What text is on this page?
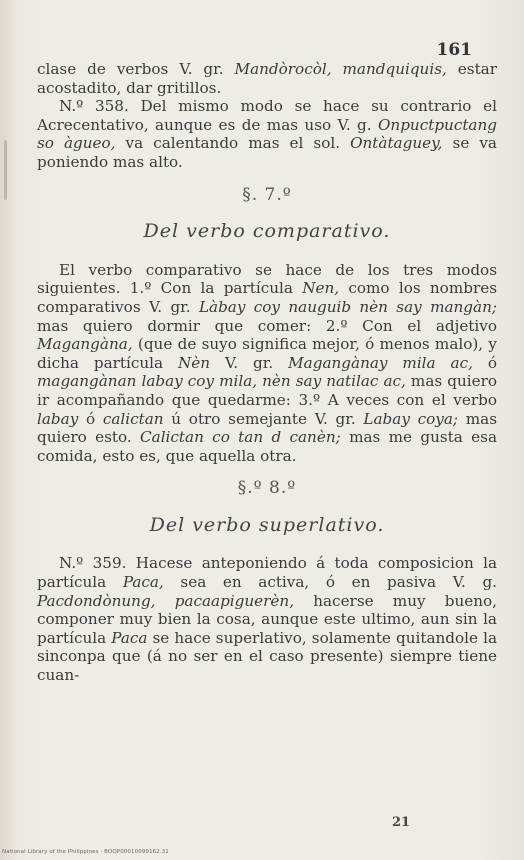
161

clase de verbos V. gr. Mandòrocòl, mandquiquis, estar acostadito, dar gritillos.

N.º 358. Del mismo modo se hace su contrario el Acrecentativo, aunque es de mas uso V. g. Onpuctpuctang so àgueo, va calentando mas el sol. Ontàtaguey, se va poniendo mas alto.

§. 7.º
Del verbo comparativo.

El verbo comparativo se hace de los tres modos siguientes. 1.º Con la partícula Nen, como los nombres comparativos V. gr. Làbay coy nauguib nèn say mangàn; mas quiero dormir que comer: 2.º Con el adjetivo Magangàna, (que de suyo significa mejor, ó menos malo), y dicha partícula Nèn V. gr. Magangànay mila ac, ó magangànan labay coy mila, nèn say natilac ac, mas quiero ir acompañando que quedarme: 3.º A veces con el verbo labay ó calictan ú otro semejante V. gr. Labay coya; mas quiero esto. Calictan co tan d canèn; mas me gusta esa comida, esto es, que aquella otra.

§.º 8.º
Del verbo superlativo.

N.º 359. Hacese anteponiendo á toda composicion la partícula Paca, sea en activa, ó en pasiva V. g. Pacdondònung, pacaapiguerèn, hacerse muy bueno, componer muy bien la cosa, aunque este ultimo, aun sin la partícula Paca se hace superlativo, solamente quitandole la sinconpa que (á no ser en el caso presente) siempre tiene cuan-

21
National Library of the Philippines · BOOP00010099162.31
